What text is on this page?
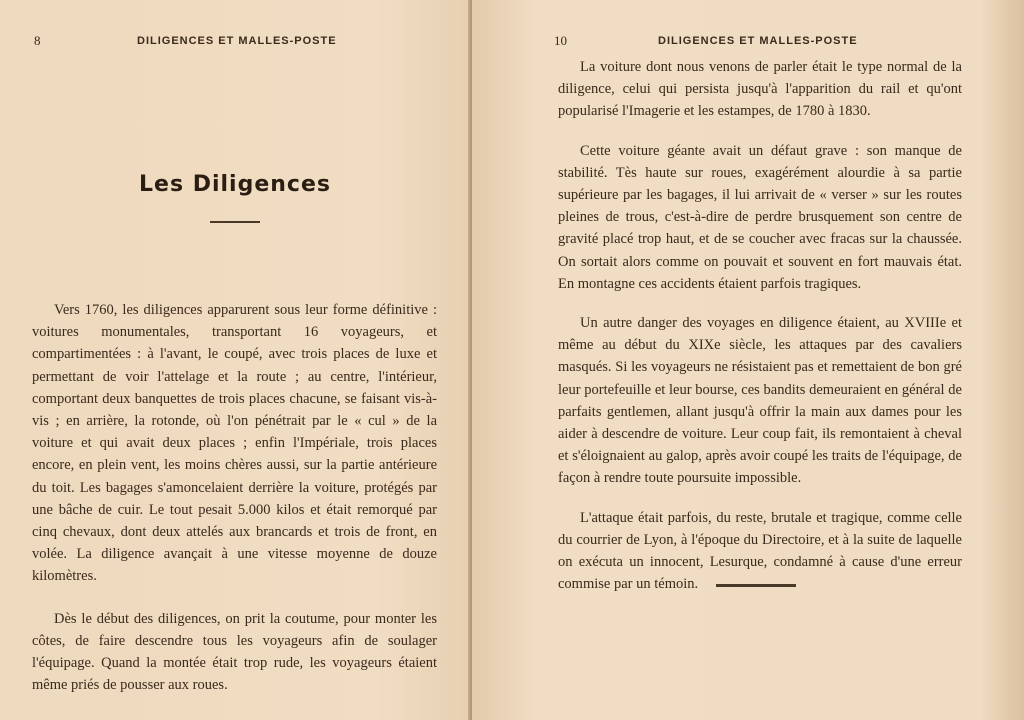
8	DILIGENCES ET MALLES-POSTE
Les Diligences

Vers 1760, les diligences apparurent sous leur forme définitive : voitures monumentales, transportant 16 voyageurs, et compartimentées : à l'avant, le coupé, avec trois places de luxe et permettant de voir l'attelage et la route ; au centre, l'intérieur, comportant deux banquettes de trois places chacune, se faisant vis-à-vis ; en arrière, la rotonde, où l'on pénétrait par le « cul » de la voiture et qui avait deux places ; enfin l'Impériale, trois places encore, en plein vent, les moins chères aussi, sur la partie antérieure du toit. Les bagages s'amoncelaient derrière la voiture, protégés par une bâche de cuir. Le tout pesait 5.000 kilos et était remorqué par cinq chevaux, dont deux attelés aux brancards et trois de front, en volée. La diligence avançait à une vitesse moyenne de douze kilomètres.

Dès le début des diligences, on prit la coutume, pour monter les côtes, de faire descendre tous les voyageurs afin de soulager l'équipage. Quand la montée était trop rude, les voyageurs étaient même priés de pousser aux roues.

10	DILIGENCES ET MALLES-POSTE

La voiture dont nous venons de parler était le type normal de la diligence, celui qui persista jusqu'à l'apparition du rail et qu'ont popularisé l'Imagerie et les estampes, de 1780 à 1830.

Cette voiture géante avait un défaut grave : son manque de stabilité. Tès haute sur roues, exagérément alourdie à sa partie supérieure par les bagages, il lui arrivait de « verser » sur les routes pleines de trous, c'est-à-dire de perdre brusquement son centre de gravité placé trop haut, et de se coucher avec fracas sur la chaussée. On sortait alors comme on pouvait et souvent en fort mauvais état. En montagne ces accidents étaient parfois tragiques.

Un autre danger des voyages en diligence étaient, au XVIIIe et même au début du XIXe siècle, les attaques par des cavaliers masqués. Si les voyageurs ne résistaient pas et remettaient de bon gré leur portefeuille et leur bourse, ces bandits demeuraient en général de parfaits gentlemen, allant jusqu'à offrir la main aux dames pour les aider à descendre de voiture. Leur coup fait, ils remontaient à cheval et s'éloignaient au galop, après avoir coupé les traits de l'équipage, de façon à rendre toute poursuite impossible.

L'attaque était parfois, du reste, brutale et tragique, comme celle du courrier de Lyon, à l'époque du Directoire, et à la suite de laquelle on exécuta un innocent, Lesurque, condamné à cause d'une erreur commise par un témoin.
